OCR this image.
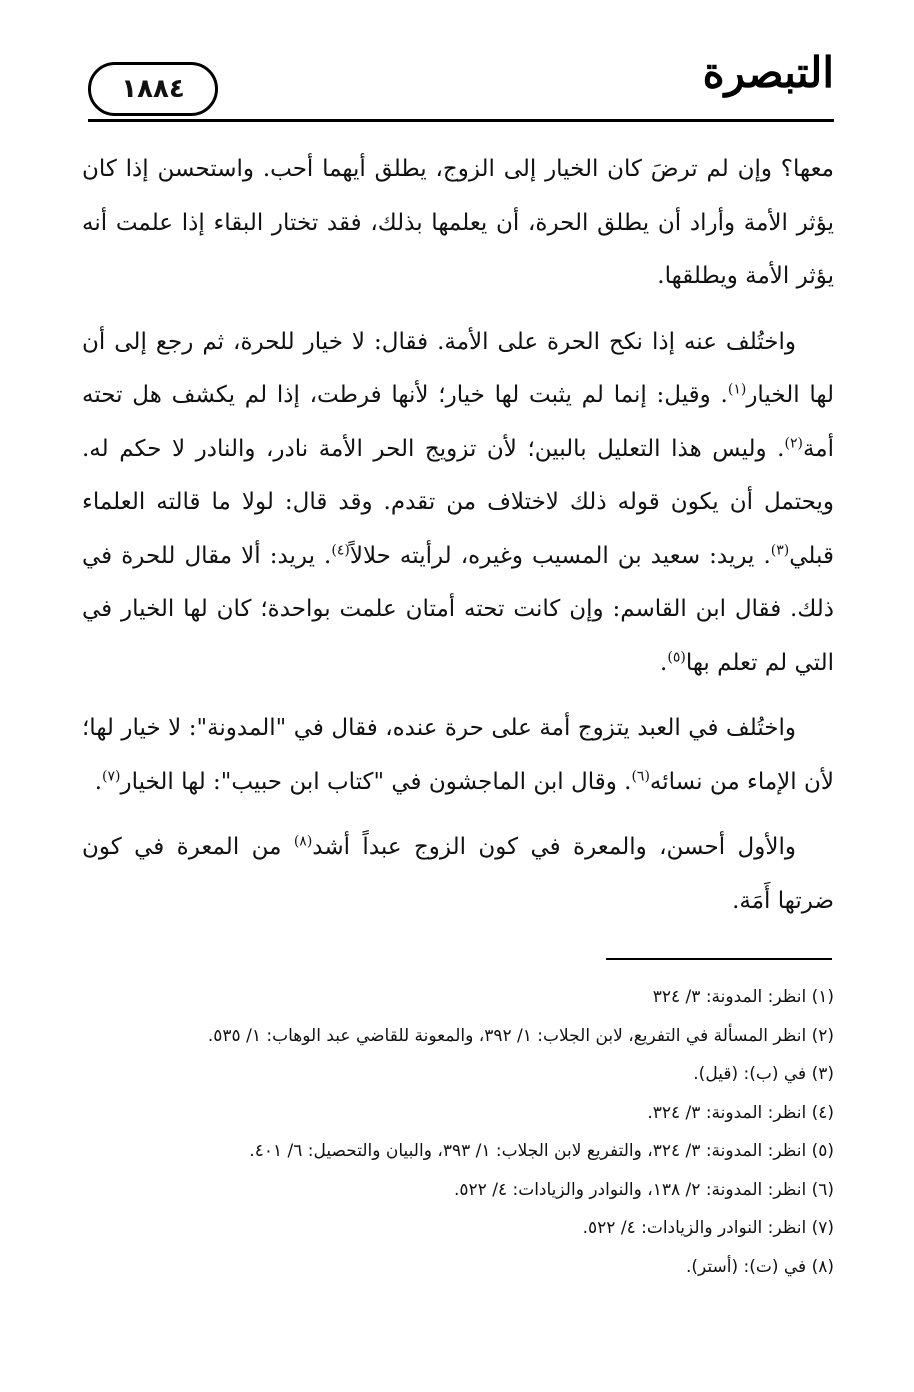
التبصرة
١٨٨٤

معها؟ وإن لم ترضَ كان الخيار إلى الزوج، يطلق أيهما أحب. واستحسن إذا كان يؤثر الأمة وأراد أن يطلق الحرة، أن يعلمها بذلك، فقد تختار البقاء إذا علمت أنه يؤثر الأمة ويطلقها.

واختُلف عنه إذا نكح الحرة على الأمة. فقال: لا خيار للحرة، ثم رجع إلى أن لها الخيار$^{(١)}$. وقيل: إنما لم يثبت لها خيار؛ لأنها فرطت، إذا لم يكشف هل تحته أمة$^{(٢)}$. وليس هذا التعليل بالبين؛ لأن تزويج الحر الأمة نادر، والنادر لا حكم له. ويحتمل أن يكون قوله ذلك لاختلاف من تقدم. وقد قال: لولا ما قالته العلماء قبلي$^{(٣)}$. يريد: سعيد بن المسيب وغيره، لرأيته حلالاً$^{(٤)}$. يريد: ألا مقال للحرة في ذلك. فقال ابن القاسم: وإن كانت تحته أمتان علمت بواحدة؛ كان لها الخيار في التي لم تعلم بها$^{(٥)}$.

واختُلف في العبد يتزوج أمة على حرة عنده، فقال في "المدونة": لا خيار لها؛ لأن الإماء من نسائه$^{(٦)}$. وقال ابن الماجشون في "كتاب ابن حبيب": لها الخيار$^{(٧)}$.

والأول أحسن، والمعرة في كون الزوج عبداً أشد$^{(٨)}$ من المعرة في كون ضرتها أَمَة.

(١) انظر: المدونة: ٣/ ٣٢٤

(٢) انظر المسألة في التفريع، لابن الجلاب: ١/ ٣٩٢، والمعونة للقاضي عبد الوهاب: ١/ ٥٣٥.

(٣) في (ب): (قيل).

(٤) انظر: المدونة: ٣/ ٣٢٤.

(٥) انظر: المدونة: ٣/ ٣٢٤، والتفريع لابن الجلاب: ١/ ٣٩٣، والبيان والتحصيل: ٦/ ٤٠١.

(٦) انظر: المدونة: ٢/ ١٣٨، والنوادر والزيادات: ٤/ ٥٢٢.

(٧) انظر: النوادر والزيادات: ٤/ ٥٢٢.

(٨) في (ت): (أستر).
